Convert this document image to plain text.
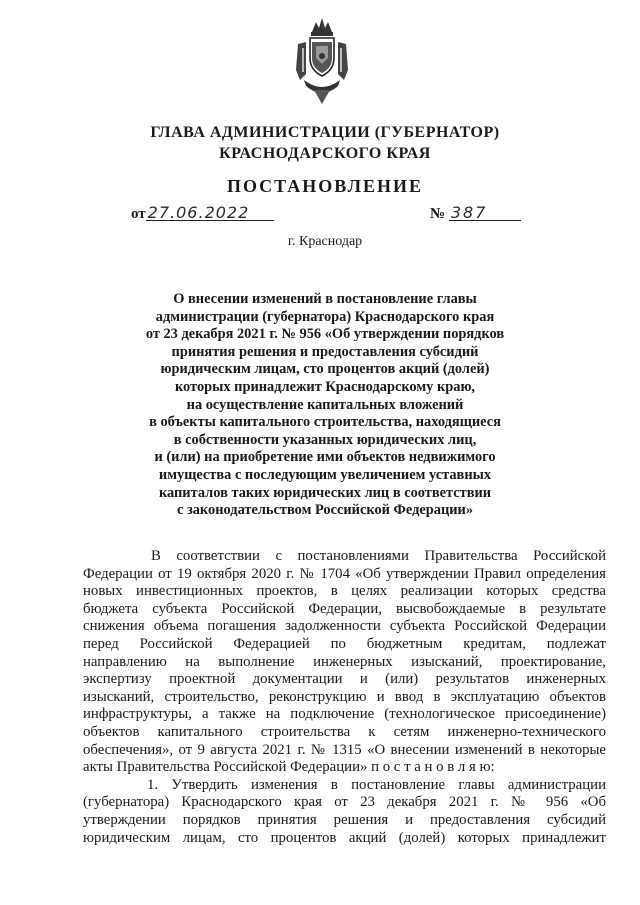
ГЛАВА АДМИНИСТРАЦИИ (ГУБЕРНАТОР)
КРАСНОДАРСКОГО КРАЯ
ПОСТАНОВЛЕНИЕ
от 27.06.2022	№ 387
г. Краснодар
О внесении изменений в постановление главы
администрации (губернатора) Краснодарского края
от 23 декабря 2021 г. № 956 «Об утверждении порядков
принятия решения и предоставления субсидий
юридическим лицам, сто процентов акций (долей)
которых принадлежит Краснодарскому краю,
на осуществление капитальных вложений
в объекты капитального строительства, находящиеся
в собственности указанных юридических лиц,
и (или) на приобретение ими объектов недвижимого
имущества с последующим увеличением уставных
капиталов таких юридических лиц в соответствии
с законодательством Российской Федерации»
В соответствии с постановлениями Правительства Российской
Федерации от 19 октября 2020 г. № 1704 «Об утверждении Правил определения
новых инвестиционных проектов, в целях реализации которых средства
бюджета субъекта Российской Федерации, высвобождаемые в результате
снижения объема погашения задолженности субъекта Российской Федерации
перед Российской Федерацией по бюджетным кредитам, подлежат
направлению на выполнение инженерных изысканий, проектирование,
экспертизу проектной документации и (или) результатов инженерных
изысканий, строительство, реконструкцию и ввод в эксплуатацию объектов
инфраструктуры, а также на подключение (технологическое присоединение)
объектов капитального строительства к сетям инженерно-технического
обеспечения», от 9 августа 2021 г. № 1315 «О внесении изменений в некоторые
акты Правительства Российской Федерации» п о с т а н о в л я ю:
1. Утвердить изменения в постановление главы администрации
(губернатора) Краснодарского края от 23 декабря 2021 г. № 956 «Об
утверждении порядков принятия решения и предоставления субсидий
юридическим лицам, сто процентов акций (долей) которых принадлежит
